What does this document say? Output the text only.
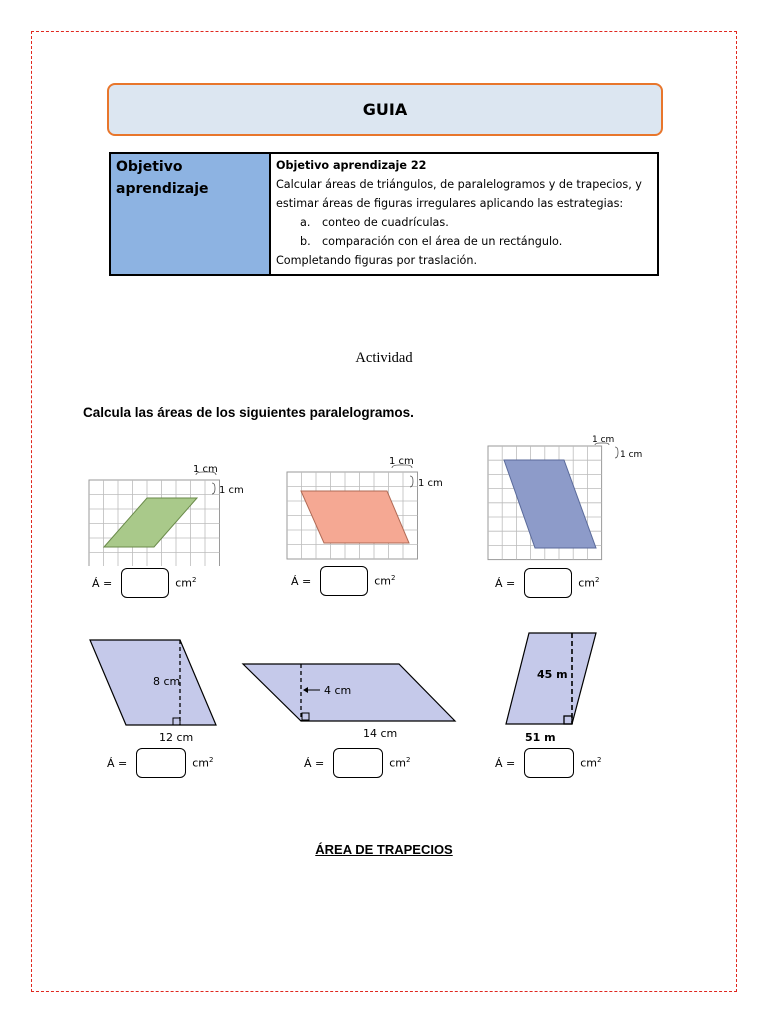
GUIA
Objetivo aprendizaje	
Objetivo aprendizaje 22
Calcular áreas de triángulos, de paralelogramos y de trapecios, y estimar áreas de figuras irregulares aplicando las estrategias:
a. conteo de cuadrículas.
b. comparación con el área de un rectángulo.
Completando figuras por traslación.
Actividad
Calcula las áreas de los siguientes paralelogramos.
1 cm
1 cm
1 cm
1 cm
1 cm
1 cm
8 cm
12 cm
4 cm
14 cm
45 m
51 m
Á =	$cm^2$	Á =	$cm^2$	Á =	$cm^2$
Á =	$cm^2$	Á =	$cm^2$	Á =	$cm^2$
ÁREA DE TRAPECIOS
